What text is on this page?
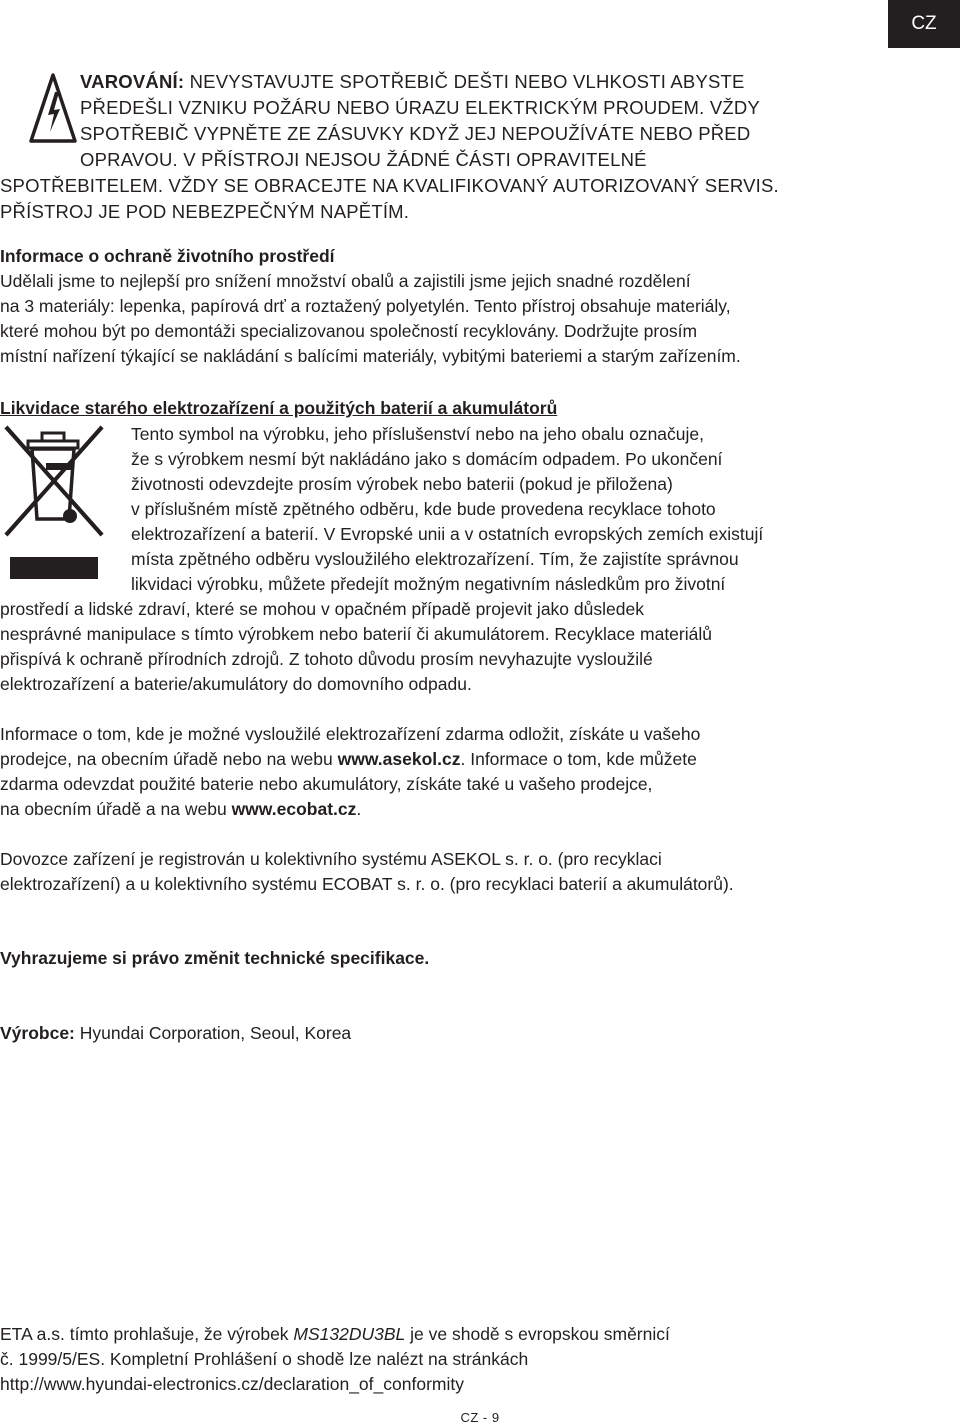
CZ
VAROVÁNÍ: NEVYSTAVUJTE SPOTŘEBIČ DEŠTI NEBO VLHKOSTI ABYSTE
PŘEDEŠLI VZNIKU POŽÁRU NEBO ÚRAZU ELEKTRICKÝM PROUDEM. VŽDY
SPOTŘEBIČ VYPNĚTE ZE ZÁSUVKY KDYŽ JEJ NEPOUŽÍVÁTE NEBO PŘED
OPRAVOU. V PŘÍSTROJI NEJSOU ŽÁDNÉ ČÁSTI OPRAVITELNÉ
SPOTŘEBITELEM. VŽDY SE OBRACEJTE NA KVALIFIKOVANÝ AUTORIZOVANÝ SERVIS.
PŘÍSTROJ JE POD NEBEZPEČNÝM NAPĚTÍM.
Informace o ochraně životního prostředí
Udělali jsme to nejlepší pro snížení množství obalů a zajistili jsme jejich snadné rozdělení
na 3 materiály: lepenka, papírová drť a roztažený polyetylén. Tento přístroj obsahuje materiály,
které mohou být po demontáži specializovanou společností recyklovány. Dodržujte prosím
místní nařízení týkající se nakládání s balícími materiály, vybitými bateriemi a starým zařízením.
Likvidace starého elektrozařízení a použitých baterií a akumulátorů
Tento symbol na výrobku, jeho příslušenství nebo na jeho obalu označuje,
že s výrobkem nesmí být nakládáno jako s domácím odpadem. Po ukončení
životnosti odevzdejte prosím výrobek nebo baterii (pokud je přiložena)
v příslušném místě zpětného odběru, kde bude provedena recyklace tohoto
elektrozařízení a baterií. V Evropské unii a v ostatních evropských zemích existují
místa zpětného odběru vysloužilého elektrozařízení. Tím, že zajistíte správnou
likvidaci výrobku, můžete předejít možným negativním následkům pro životní
prostředí a lidské zdraví, které se mohou v opačném případě projevit jako důsledek
nesprávné manipulace s tímto výrobkem nebo baterií či akumulátorem. Recyklace materiálů
přispívá k ochraně přírodních zdrojů. Z tohoto důvodu prosím nevyhazujte vysloužilé
elektrozařízení a baterie/akumulátory do domovního odpadu.
Informace o tom, kde je možné vysloužilé elektrozařízení zdarma odložit, získáte u vašeho
prodejce, na obecním úřadě nebo na webu www.asekol.cz. Informace o tom, kde můžete
zdarma odevzdat použité baterie nebo akumulátory, získáte také u vašeho prodejce,
na obecním úřadě a na webu www.ecobat.cz.
Dovozce zařízení je registrován u kolektivního systému ASEKOL s. r. o. (pro recyklaci
elektrozařízení) a u kolektivního systému ECOBAT s. r. o. (pro recyklaci baterií a akumulátorů).
Vyhrazujeme si právo změnit technické specifikace.
Výrobce: Hyundai Corporation, Seoul, Korea
ETA a.s. tímto prohlašuje, že výrobek MS132DU3BL je ve shodě s evropskou směrnicí
č. 1999/5/ES. Kompletní Prohlášení o shodě lze nalézt na stránkách
http://www.hyundai-electronics.cz/declaration_of_conformity
CZ - 9
